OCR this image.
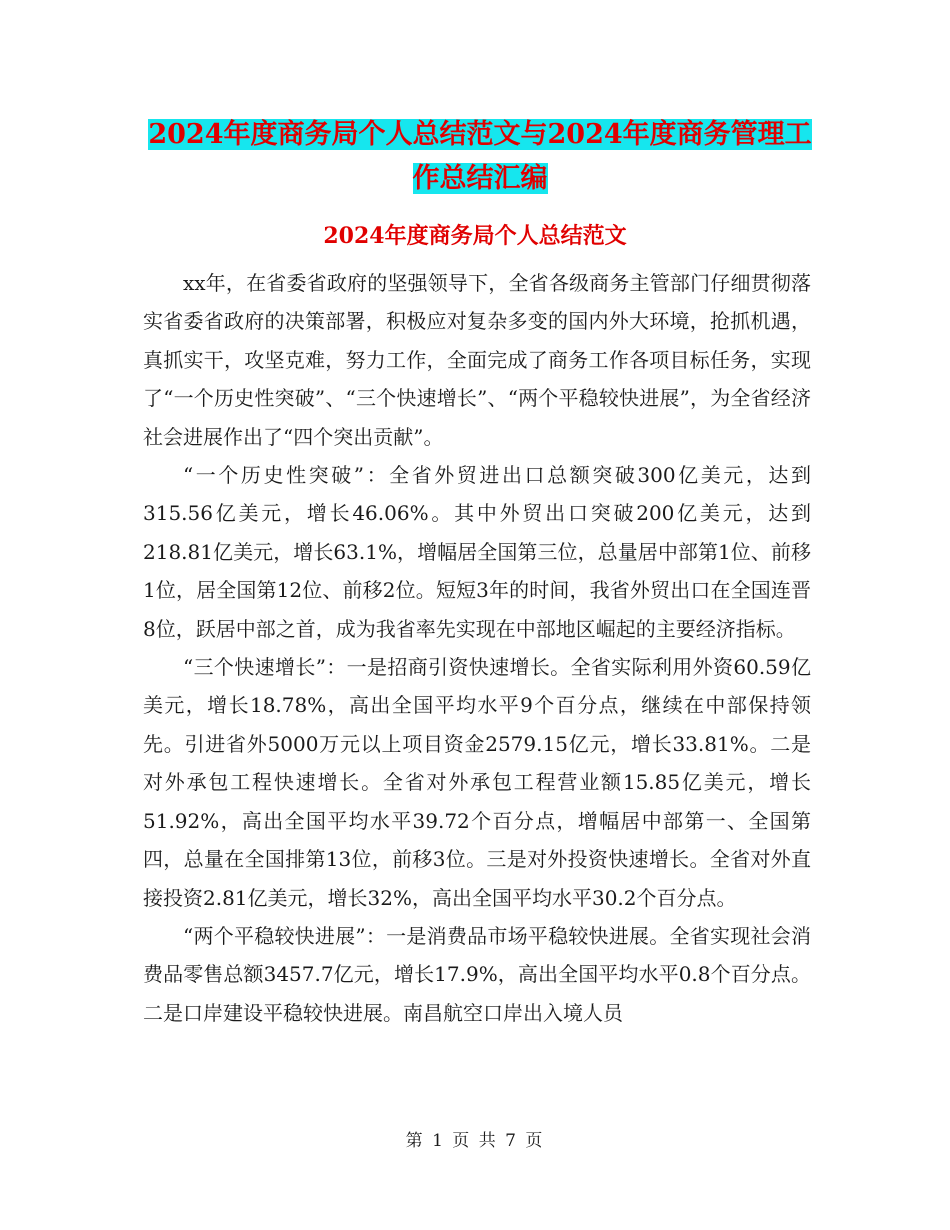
2024年度商务局个人总结范文与2024年度商务管理工作总结汇编
2024年度商务局个人总结范文

xx年，在省委省政府的坚强领导下，全省各级商务主管部门仔细贯彻落实省委省政府的决策部署，积极应对复杂多变的国内外大环境，抢抓机遇，真抓实干，攻坚克难，努力工作，全面完成了商务工作各项目标任务，实现了“一个历史性突破”、“三个快速增长”、“两个平稳较快进展”，为全省经济社会进展作出了“四个突出贡献”。

“一个历史性突破”：全省外贸进出口总额突破300亿美元，达到315.56亿美元，增长46.06%。其中外贸出口突破200亿美元，达到218.81亿美元，增长63.1%，增幅居全国第三位，总量居中部第1位、前移1位，居全国第12位、前移2位。短短3年的时间，我省外贸出口在全国连晋8位，跃居中部之首，成为我省率先实现在中部地区崛起的主要经济指标。

“三个快速增长”：一是招商引资快速增长。全省实际利用外资60.59亿美元，增长18.78%，高出全国平均水平9个百分点，继续在中部保持领先。引进省外5000万元以上项目资金2579.15亿元，增长33.81%。二是对外承包工程快速增长。全省对外承包工程营业额15.85亿美元，增长51.92%，高出全国平均水平39.72个百分点，增幅居中部第一、全国第四，总量在全国排第13位，前移3位。三是对外投资快速增长。全省对外直接投资2.81亿美元，增长32%，高出全国平均水平30.2个百分点。

“两个平稳较快进展”：一是消费品市场平稳较快进展。全省实现社会消费品零售总额3457.7亿元，增长17.9%，高出全国平均水平0.8个百分点。二是口岸建设平稳较快进展。南昌航空口岸出入境人员

第 1 页 共 7 页
